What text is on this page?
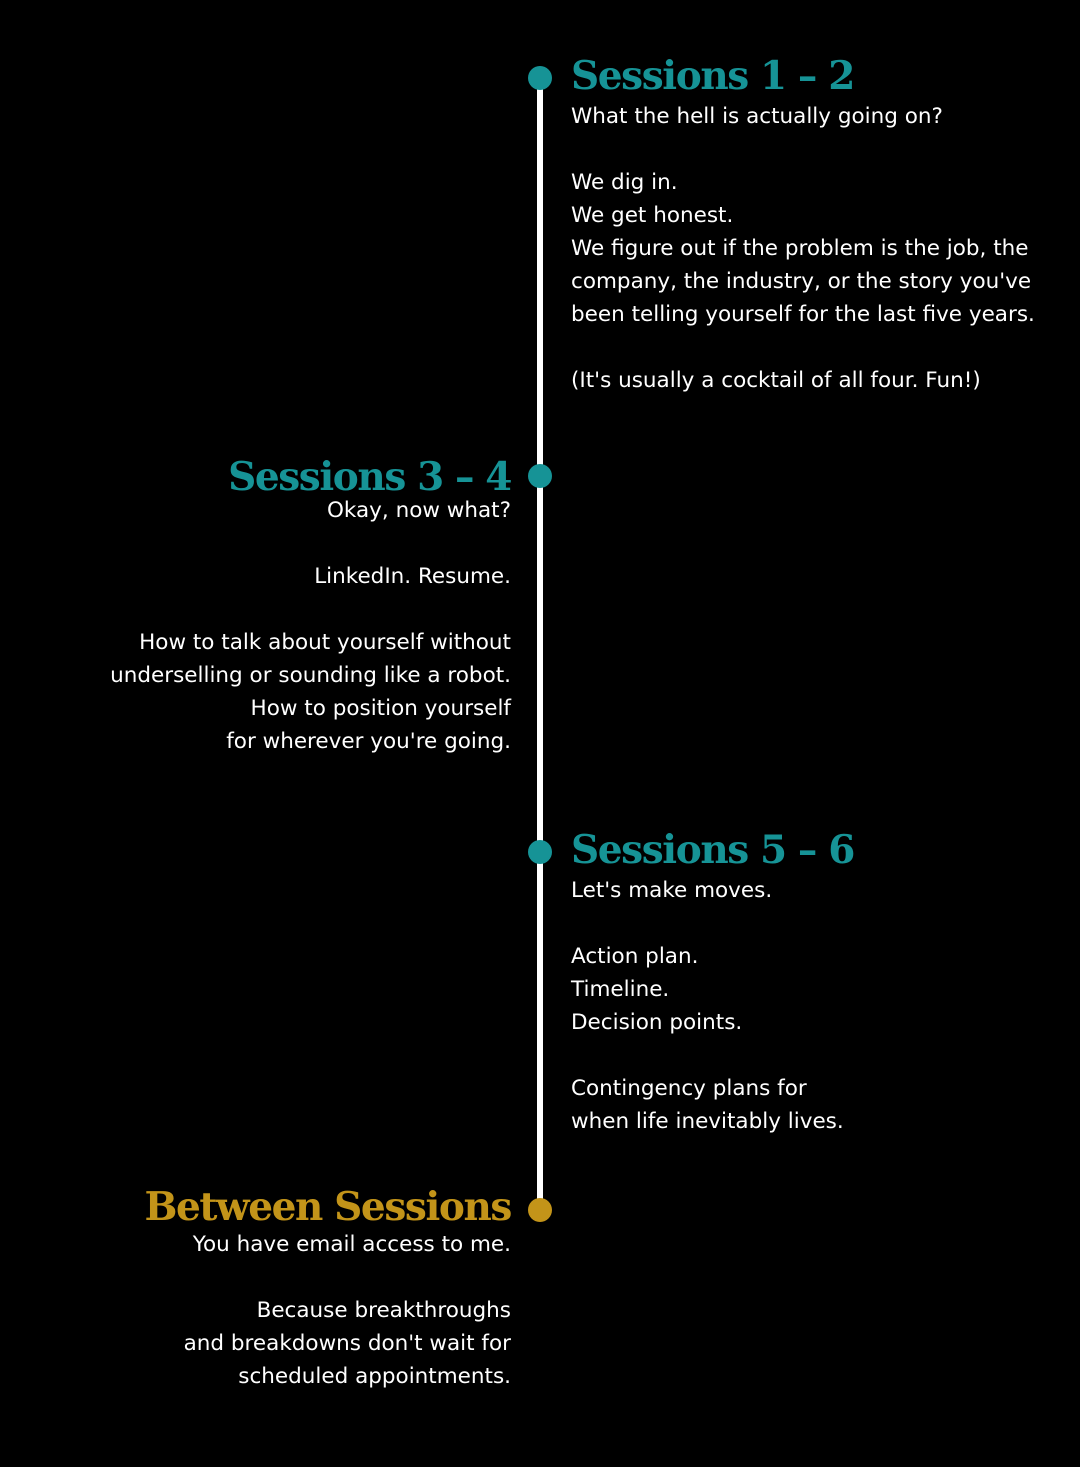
Sessions 1 – 2

What the hell is actually going on?

We dig in.
We get honest.
We figure out if the problem is the job, the
company, the industry, or the story you've
been telling yourself for the last five years.

(It's usually a cocktail of all four. Fun!)

Sessions 3 – 4

Okay, now what?

LinkedIn. Resume.

How to talk about yourself without
underselling or sounding like a robot.
How to position yourself
for wherever you're going.

Sessions 5 – 6

Let's make moves.

Action plan.
Timeline.
Decision points.

Contingency plans for
when life inevitably lives.

Between Sessions

You have email access to me.

Because breakthroughs
and breakdowns don't wait for
scheduled appointments.
